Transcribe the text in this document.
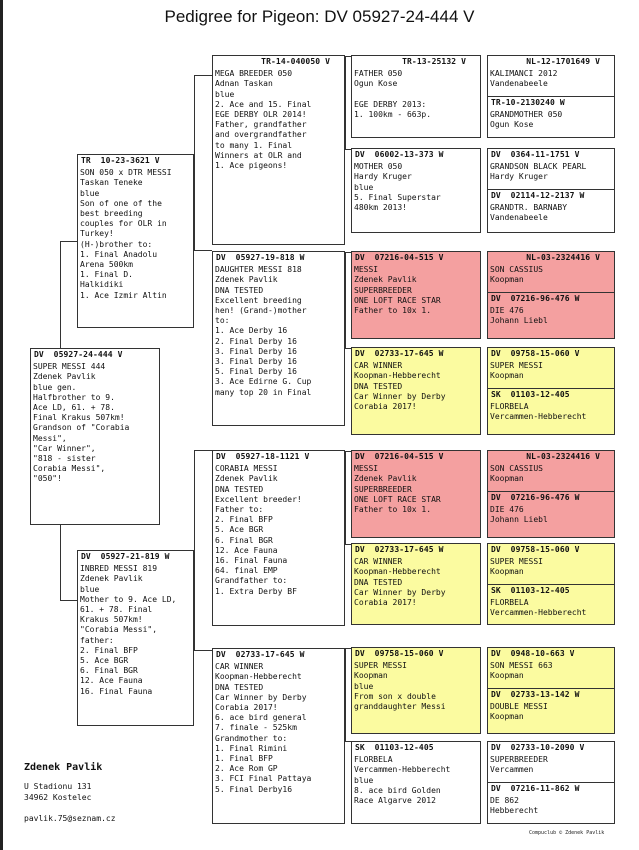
Pedigree for Pigeon: DV 05927-24-444 V
DV  05927-24-444 V
SUPER MESSI 444
Zdenek Pavlik
blue gen.
Halfbrother to 9.
Ace LD, 61. + 78.
Final Krakus 507km!
Grandson of "Corabia
Messi",
"Car Winner",
"818 - sister
Corabia Messi",
"050"!
TR  10-23-3621 V
SON 050 x DTR MESSI
Taskan Teneke
blue
Son of one of the
best breeding
couples for OLR in
Turkey!
(H-)brother to:
1. Final Anadolu
Arena 500km
1. Final D.
Halkidiki
1. Ace Izmir Altin
DV  05927-21-819 W
INBRED MESSI 819
Zdenek Pavlik
blue
Mother to 9. Ace LD,
61. + 78. Final
Krakus 507km!
"Corabia Messi",
father:
2. Final BFP
5. Ace BGR
6. Final BGR
12. Ace Fauna
16. Final Fauna
TR-14-040050 V
MEGA BREEDER 050
Adnan Taskan
blue
2. Ace and 15. Final
EGE DERBY OLR 2014!
Father, grandfather
and overgrandfather
to many 1. Final
Winners at OLR and
1. Ace pigeons!
DV  05927-19-818 W
DAUGHTER MESSI 818
Zdenek Pavlik
DNA TESTED
Excellent breeding
hen! (Grand-)mother
to:
1. Ace Derby 16
2. Final Derby 16
3. Final Derby 16
3. Final Derby 16
5. Final Derby 16
3. Ace Edirne G. Cup
many top 20 in Final
DV  05927-18-1121 V
CORABIA MESSI
Zdenek Pavlik
DNA TESTED
Excellent breeder!
Father to:
2. Final BFP
5. Ace BGR
6. Final BGR
12. Ace Fauna
16. Final Fauna
64. final EMP
Grandfather to:
1. Extra Derby BF
DV  02733-17-645 W
CAR WINNER
Koopman-Hebberecht
DNA TESTED
Car Winner by Derby
Corabia 2017!
6. ace bird general
7. finale - 525km
Grandmother to:
1. Final Rimini
1. Final BFP
2. Ace Rom GP
3. FCI Final Pattaya
5. Final Derby16
TR-13-25132 V
FATHER 050
Ogun Kose

EGE DERBY 2013:
1. 100km - 663p.
DV  06002-13-373 W
MOTHER 050
Hardy Kruger
blue
5. Final Superstar
480km 2013!
DV  07216-04-515 V
MESSI
Zdenek Pavlik
SUPERBREEDER
ONE LOFT RACE STAR
Father to 10x 1.
DV  02733-17-645 W
CAR WINNER
Koopman-Hebberecht
DNA TESTED
Car Winner by Derby
Corabia 2017!
DV  07216-04-515 V
MESSI
Zdenek Pavlik
SUPERBREEDER
ONE LOFT RACE STAR
Father to 10x 1.
DV  02733-17-645 W
CAR WINNER
Koopman-Hebberecht
DNA TESTED
Car Winner by Derby
Corabia 2017!
DV  09758-15-060 V
SUPER MESSI
Koopman
blue
From son x double
granddaughter Messi
SK  01103-12-405
FLORBELA
Vercammen-Hebberecht
blue
8. ace bird Golden
Race Algarve 2012
NL-12-1701649 V
KALIMANCI 2012
Vandenabeele
TR-10-2130240 W
GRANDMOTHER 050
Ogun Kose
DV  0364-11-1751 V
GRANDSON BLACK PEARL
Hardy Kruger
DV  02114-12-2137 W
GRANDTR. BARNABY
Vandenabeele
NL-03-2324416 V
SON CASSIUS
Koopman
DV  07216-96-476 W
DIE 476
Johann Liebl
DV  09758-15-060 V
SUPER MESSI
Koopman
SK  01103-12-405
FLORBELA
Vercammen-Hebberecht
NL-03-2324416 V
SON CASSIUS
Koopman
DV  07216-96-476 W
DIE 476
Johann Liebl
DV  09758-15-060 V
SUPER MESSI
Koopman
SK  01103-12-405
FLORBELA
Vercammen-Hebberecht
DV  0948-10-663 V
SON MESSI 663
Koopman
DV  02733-13-142 W
DOUBLE MESSI
Koopman
DV  02733-10-2090 V
SUPERBREEDER
Vercammen
DV  07216-11-862 W
DE 862
Hebberecht
Zdenek Pavlik
U Stadionu 131
34962 Kostelec
pavlik.75@seznam.cz
Compuclub © Zdenek Pavlik
